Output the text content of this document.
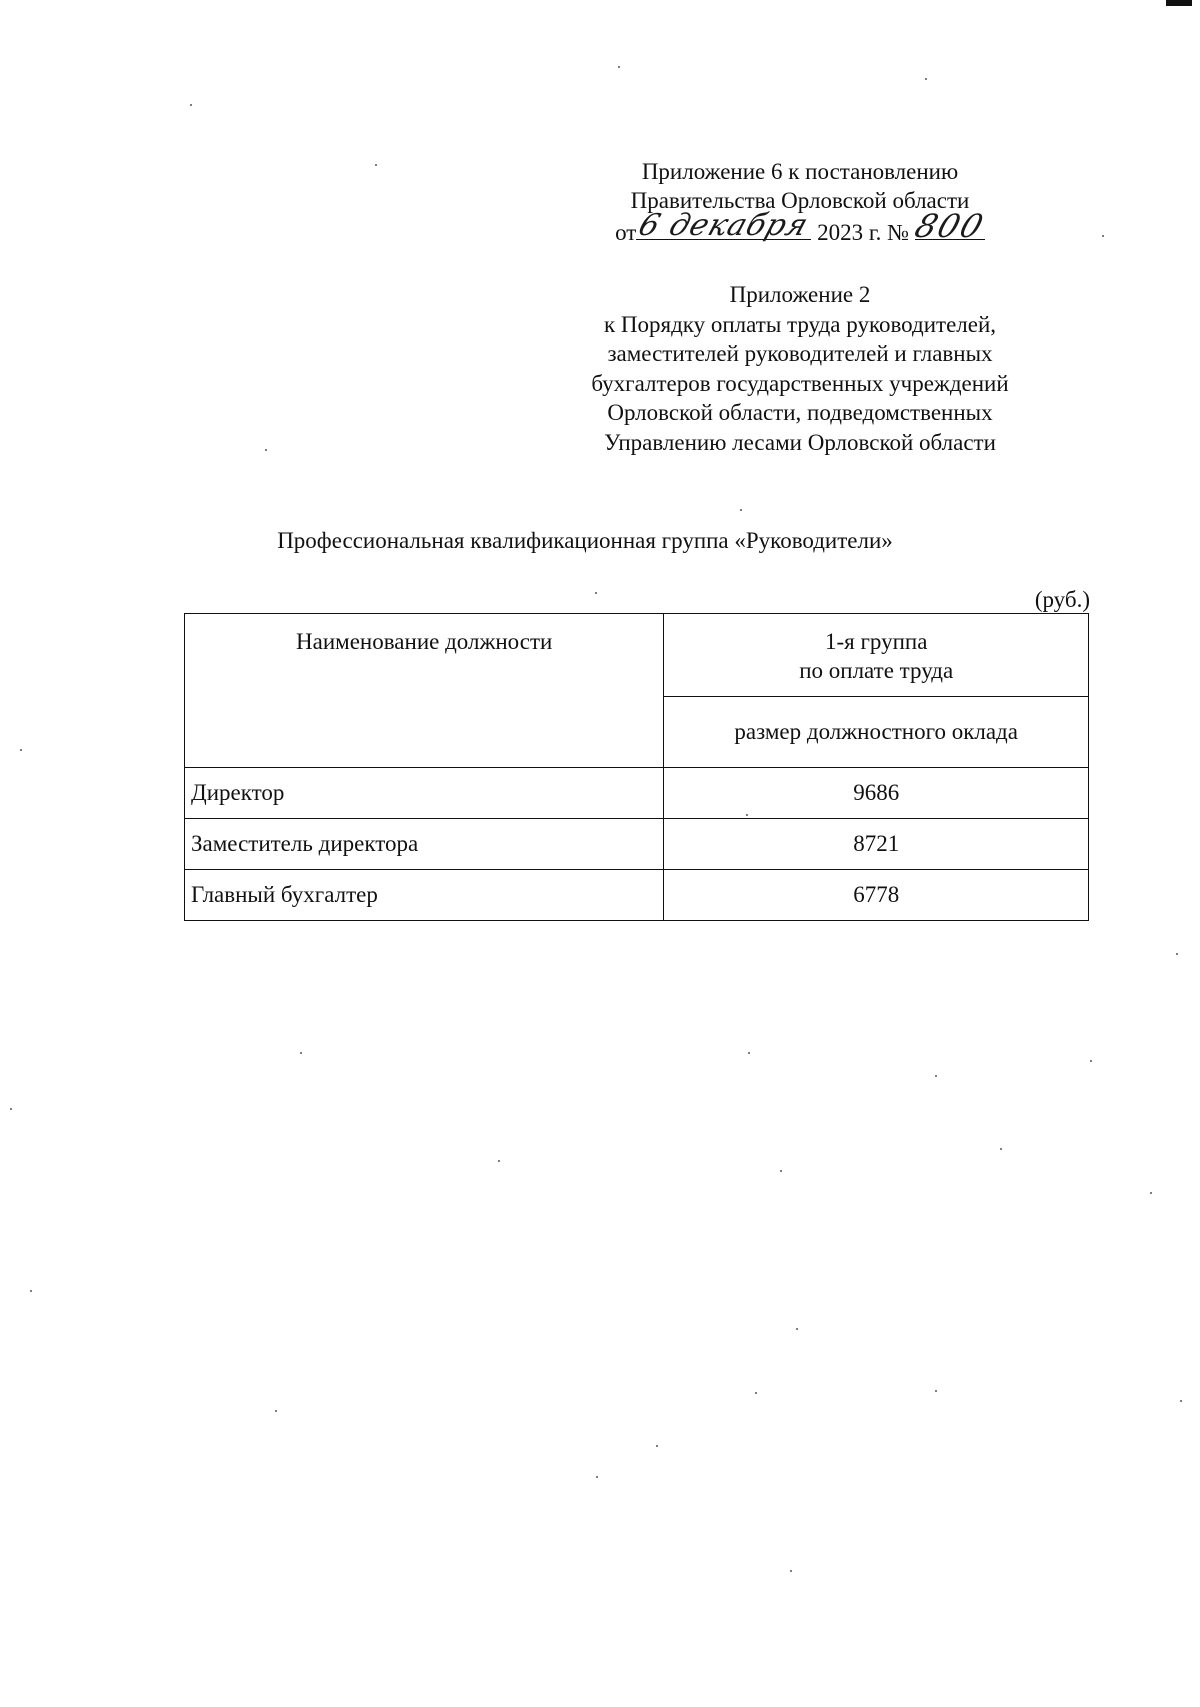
Приложение 6 к постановлению
Правительства Орловской области
от
6 декабря 2023 г. № 800
Приложение 2
к Порядку оплаты труда руководителей,
заместителей руководителей и главных
бухгалтеров государственных учреждений
Орловской области, подведомственных
Управлению лесами Орловской области
Профессиональная квалификационная группа «Руководители»
(руб.)
Наименование должности	1-я группа
по оплате труда

	размер должностного оклада
Директор	9686
Заместитель директора	8721
Главный бухгалтер	6778
